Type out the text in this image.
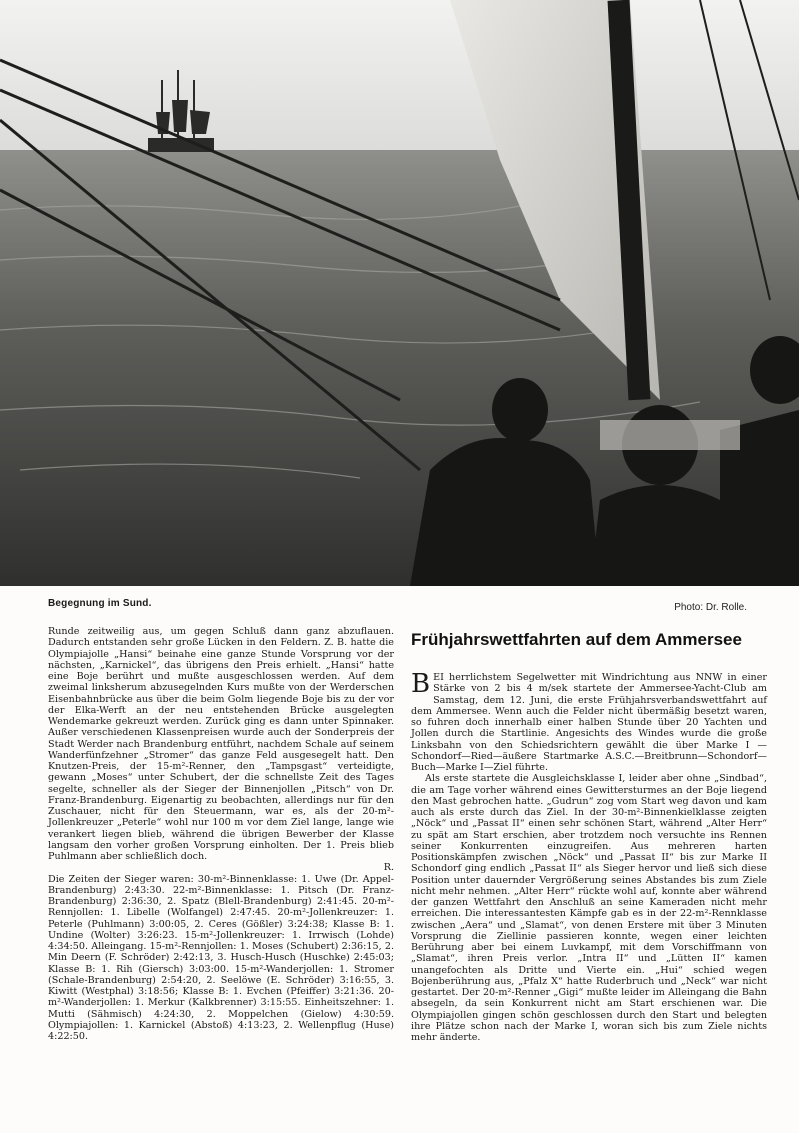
Begegnung im Sund.	Photo: Dr. Rolle.

Runde zeitweilig aus, um gegen Schluß dann ganz abzuflauen. Dadurch entstanden sehr große Lücken in den Feldern. Z. B. hatte die Olympiajolle „Hansi“ beinahe eine ganze Stunde Vorsprung vor der nächsten, „Karnickel“, das übrigens den Preis erhielt. „Hansi“ hatte eine Boje berührt und mußte ausgeschlossen werden. Auf dem zweimal linksherum abzusegelnden Kurs mußte von der Werderschen Eisenbahnbrücke aus über die beim Golm liegende Boje bis zu der vor der Elka-Werft an der neu entstehenden Brücke ausgelegten Wendemarke gekreuzt werden. Zurück ging es dann unter Spinnaker. Außer verschiedenen Klassenpreisen wurde auch der Sonderpreis der Stadt Werder nach Brandenburg entführt, nachdem Schale auf seinem Wanderfünfzehner „Stromer“ das ganze Feld ausgesegelt hatt. Den Knutzen-Preis, der 15-m²-Renner, den „Tampsgast“ verteidigte, gewann „Moses“ unter Schubert, der die schnellste Zeit des Tages segelte, schneller als der Sieger der Binnenjollen „Pitsch“ von Dr. Franz-Brandenburg. Eigenartig zu beobachten, allerdings nur für den Zuschauer, nicht für den Steuermann, war es, als der 20-m²-Jollenkreuzer „Peterle“ wohl nur 100 m vor dem Ziel lange, lange wie verankert liegen blieb, während die übrigen Bewerber der Klasse langsam den vorher großen Vorsprung einholten. Der 1. Preis blieb Puhlmann aber schließlich doch.

R.

Die Zeiten der Sieger waren: 30-m²-Binnenklasse: 1. Uwe (Dr. Appel-Brandenburg) 2:43:30. 22-m²-Binnenklasse: 1. Pitsch (Dr. Franz-Brandenburg) 2:36:30, 2. Spatz (Blell-Brandenburg) 2:41:45. 20-m²-Rennjollen: 1. Libelle (Wolfangel) 2:47:45. 20-m²-Jollenkreuzer: 1. Peterle (Puhlmann) 3:00:05, 2. Ceres (Gößler) 3:24:38; Klasse B: 1. Undine (Wolter) 3:26:23. 15-m²-Jollenkreuzer: 1. Irrwisch (Lohde) 4:34:50. Alleingang. 15-m²-Rennjollen: 1. Moses (Schubert) 2:36:15, 2. Min Deern (F. Schröder) 2:42:13, 3. Husch-Husch (Huschke) 2:45:03; Klasse B: 1. Rih (Giersch) 3:03:00. 15-m²-Wanderjollen: 1. Stromer (Schale-Brandenburg) 2:54:20, 2. Seelöwe (E. Schröder) 3:16:55, 3. Kiwitt (Westphal) 3:18:56; Klasse B: 1. Evchen (Pfeiffer) 3:21:36. 20-m²-Wanderjollen: 1. Merkur (Kalkbrenner) 3:15:55. Einheitszehner: 1. Mutti (Sähmisch) 4:24:30, 2. Moppelchen (Gielow) 4:30:59. Olympiajollen: 1. Karnickel (Abstoß) 4:13:23, 2. Wellenpflug (Huse) 4:22:50.

Frühjahrswettfahrten auf dem Ammersee

BEI herrlichstem Segelwetter mit Windrichtung aus NNW in einer Stärke von 2 bis 4 m/sek startete der Ammersee-Yacht-Club am Samstag, dem 12. Juni, die erste Frühjahrsverbandswettfahrt auf dem Ammersee. Wenn auch die Felder nicht übermäßig besetzt waren, so fuhren doch innerhalb einer halben Stunde über 20 Yachten und Jollen durch die Startlinie. Angesichts des Windes wurde die große Linksbahn von den Schiedsrichtern gewählt die über Marke I — Schondorf—Ried—äußere Startmarke A.S.C.—Breitbrunn—Schondorf—Buch—Marke I—Ziel führte.

Als erste startete die Ausgleichsklasse I, leider aber ohne „Sindbad“, die am Tage vorher während eines Gewittersturmes an der Boje liegend den Mast gebrochen hatte. „Gudrun“ zog vom Start weg davon und kam auch als erste durch das Ziel. In der 30-m²-Binnenkielklasse zeigten „Nöck“ und „Passat II“ einen sehr schönen Start, während „Alter Herr“ zu spät am Start erschien, aber trotzdem noch versuchte ins Rennen seiner Konkurrenten einzugreifen. Aus mehreren harten Positionskämpfen zwischen „Nöck“ und „Passat II“ bis zur Marke II Schondorf ging endlich „Passat II“ als Sieger hervor und ließ sich diese Position unter dauernder Vergrößerung seines Abstandes bis zum Ziele nicht mehr nehmen. „Alter Herr“ rückte wohl auf, konnte aber während der ganzen Wettfahrt den Anschluß an seine Kameraden nicht mehr erreichen. Die interessantesten Kämpfe gab es in der 22-m²-Rennklasse zwischen „Aera“ und „Slamat“, von denen Erstere mit über 3 Minuten Vorsprung die Ziellinie passieren konnte, wegen einer leichten Berührung aber bei einem Luvkampf, mit dem Vorschiffmann von „Slamat“, ihren Preis verlor. „Intra II“ und „Lütten II“ kamen unangefochten als Dritte und Vierte ein. „Hui“ schied wegen Bojenberührung aus, „Pfalz X“ hatte Ruderbruch und „Neck“ war nicht gestartet. Der 20-m²-Renner „Gigi“ mußte leider im Alleingang die Bahn absegeln, da sein Konkurrent nicht am Start erschienen war. Die Olympiajollen gingen schön geschlossen durch den Start und belegten ihre Plätze schon nach der Marke I, woran sich bis zum Ziele nichts mehr änderte.
